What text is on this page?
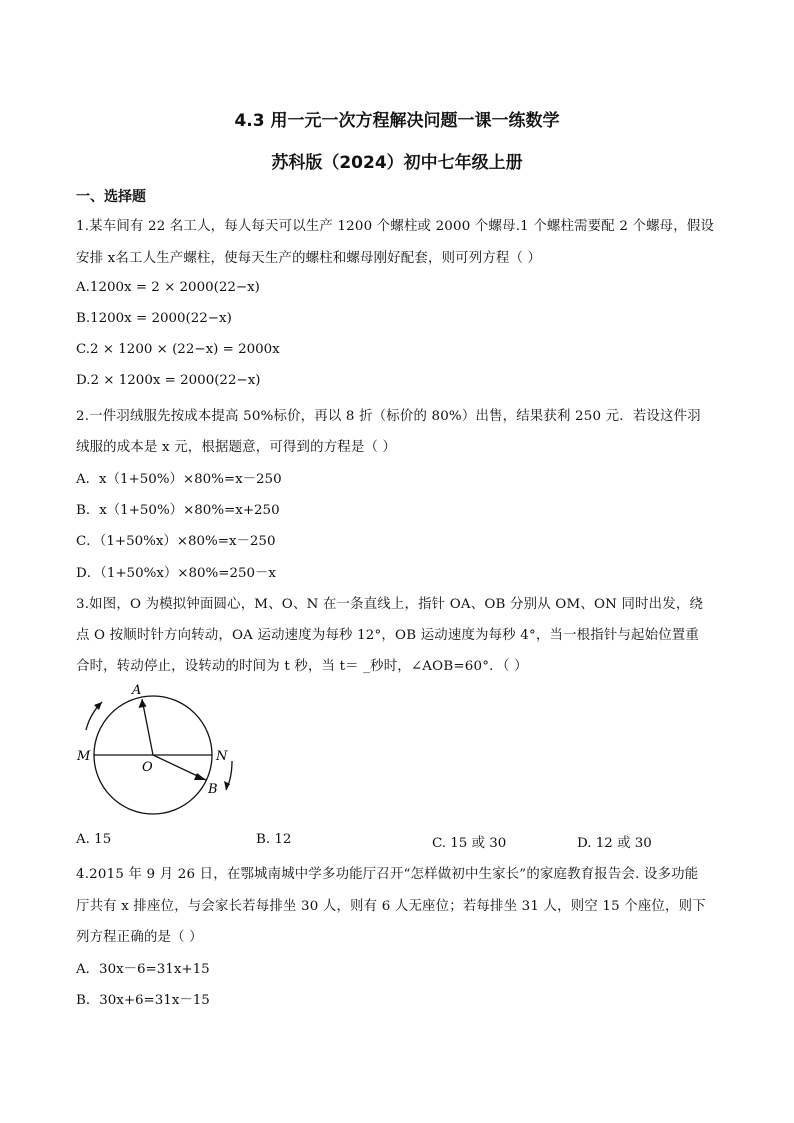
4.3 用一元一次方程解决问题一课一练数学
苏科版（2024）初中七年级上册
一、选择题
1.某车间有 22 名工人，每人每天可以生产 1200 个螺柱或 2000 个螺母.1 个螺柱需要配 2 个螺母，假设
安排 x名工人生产螺柱，使每天生产的螺柱和螺母刚好配套，则可列方程（ ）
A.1200x = 2 × 2000(22−x)
B.1200x = 2000(22−x)
C.2 × 1200 × (22−x) = 2000x
D.2 × 1200x = 2000(22−x)
2.一件羽绒服先按成本提高 50%标价，再以 8 折（标价的 80%）出售，结果获利 250 元．若设这件羽
绒服的成本是 x 元，根据题意，可得到的方程是（ ）
A．x（1+50%）×80%=x－250
B．x（1+50%）×80%=x+250
C．（1+50%x）×80%=x－250
D．（1+50%x）×80%=250－x
3.如图，O 为模拟钟面圆心，M、O、N 在一条直线上，指针 OA、OB 分别从 OM、ON 同时出发，绕
点 O 按顺时针方向转动，OA 运动速度为每秒 12°，OB 运动速度为每秒 4°，当一根指针与起始位置重
合时，转动停止，设转动的时间为 t 秒，当 t＝ _秒时，∠AOB=60°．（ ）
A
M
O
N
B
A. 15	B. 12	C. 15 或 30	D. 12 或 30
4.2015 年 9 月 26 日，在鄂城南城中学多功能厅召开“怎样做初中生家长”的家庭教育报告会. 设多功能
厅共有 x 排座位，与会家长若每排坐 30 人，则有 6 人无座位；若每排坐 31 人，则空 15 个座位，则下
列方程正确的是（ ）
A．30x－6=31x+15
B．30x+6=31x－15
